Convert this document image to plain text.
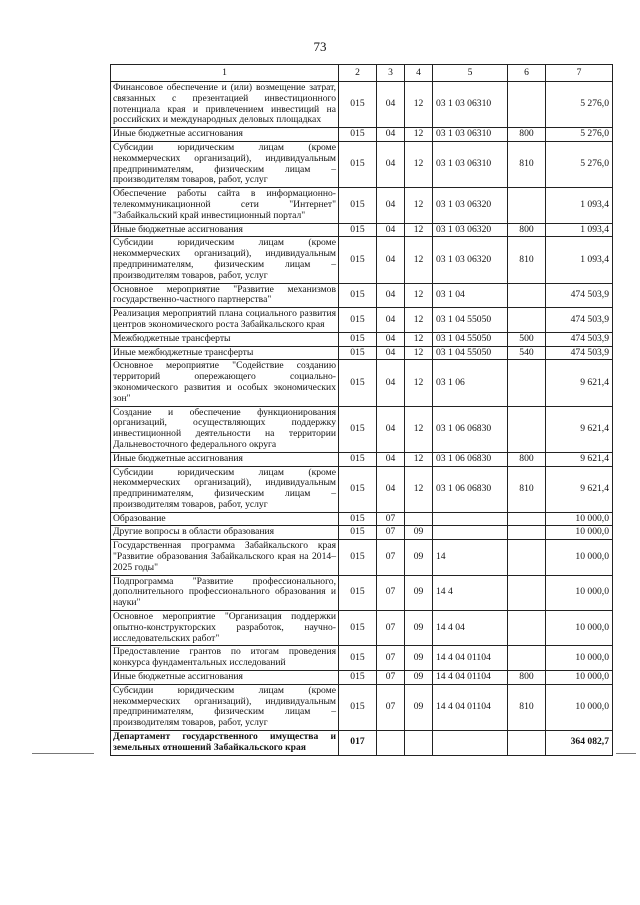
73
1	2	3	4	5	6	7
Финансовое обеспечение и (или) возмещение затрат, связанных с презентацией инвестиционного потенциала края и привлечением инвестиций на российских и международных деловых площадках	015	04	12	03 1 03 06310		5 276,0
Иные бюджетные ассигнования	015	04	12	03 1 03 06310	800	5 276,0
Субсидии юридическим лицам (кроме некоммерческих организаций), индивидуальным предпринимателям, физическим лицам – производителям товаров, работ, услуг	015	04	12	03 1 03 06310	810	5 276,0
Обеспечение работы сайта в информационно-телекоммуникационной сети "Интернет" "Забайкальский край инвестиционный портал"	015	04	12	03 1 03 06320		1 093,4
Иные бюджетные ассигнования	015	04	12	03 1 03 06320	800	1 093,4
Субсидии юридическим лицам (кроме некоммерческих организаций), индивидуальным предпринимателям, физическим лицам – производителям товаров, работ, услуг	015	04	12	03 1 03 06320	810	1 093,4
Основное мероприятие "Развитие механизмов государственно-частного партнерства"	015	04	12	03 1 04		474 503,9
Реализация мероприятий плана социального развития центров экономического роста Забайкальского края	015	04	12	03 1 04 55050		474 503,9
Межбюджетные трансферты	015	04	12	03 1 04 55050	500	474 503,9
Иные межбюджетные трансферты	015	04	12	03 1 04 55050	540	474 503,9
Основное мероприятие "Содействие созданию территорий опережающего социально-экономического развития и особых экономических зон"	015	04	12	03 1 06		9 621,4
Создание и обеспечение функционирования организаций, осуществляющих поддержку инвестиционной деятельности на территории Дальневосточного федерального округа	015	04	12	03 1 06 06830		9 621,4
Иные бюджетные ассигнования	015	04	12	03 1 06 06830	800	9 621,4
Субсидии юридическим лицам (кроме некоммерческих организаций), индивидуальным предпринимателям, физическим лицам – производителям товаров, работ, услуг	015	04	12	03 1 06 06830	810	9 621,4
Образование	015	07				10 000,0
Другие вопросы в области образования	015	07	09			10 000,0
Государственная программа Забайкальского края "Развитие образования Забайкальского края на 2014–2025 годы"	015	07	09	14		10 000,0
Подпрограмма "Развитие профессионального, дополнительного профессионального образования и науки"	015	07	09	14 4		10 000,0
Основное мероприятие "Организация поддержки опытно-конструкторских разработок, научно-исследовательских работ"	015	07	09	14 4 04		10 000,0
Предоставление грантов по итогам проведения конкурса фундаментальных исследований	015	07	09	14 4 04 01104		10 000,0
Иные бюджетные ассигнования	015	07	09	14 4 04 01104	800	10 000,0
Субсидии юридическим лицам (кроме некоммерческих организаций), индивидуальным предпринимателям, физическим лицам – производителям товаров, работ, услуг	015	07	09	14 4 04 01104	810	10 000,0
Департамент государственного имущества и земельных отношений Забайкальского края	017					364 082,7
